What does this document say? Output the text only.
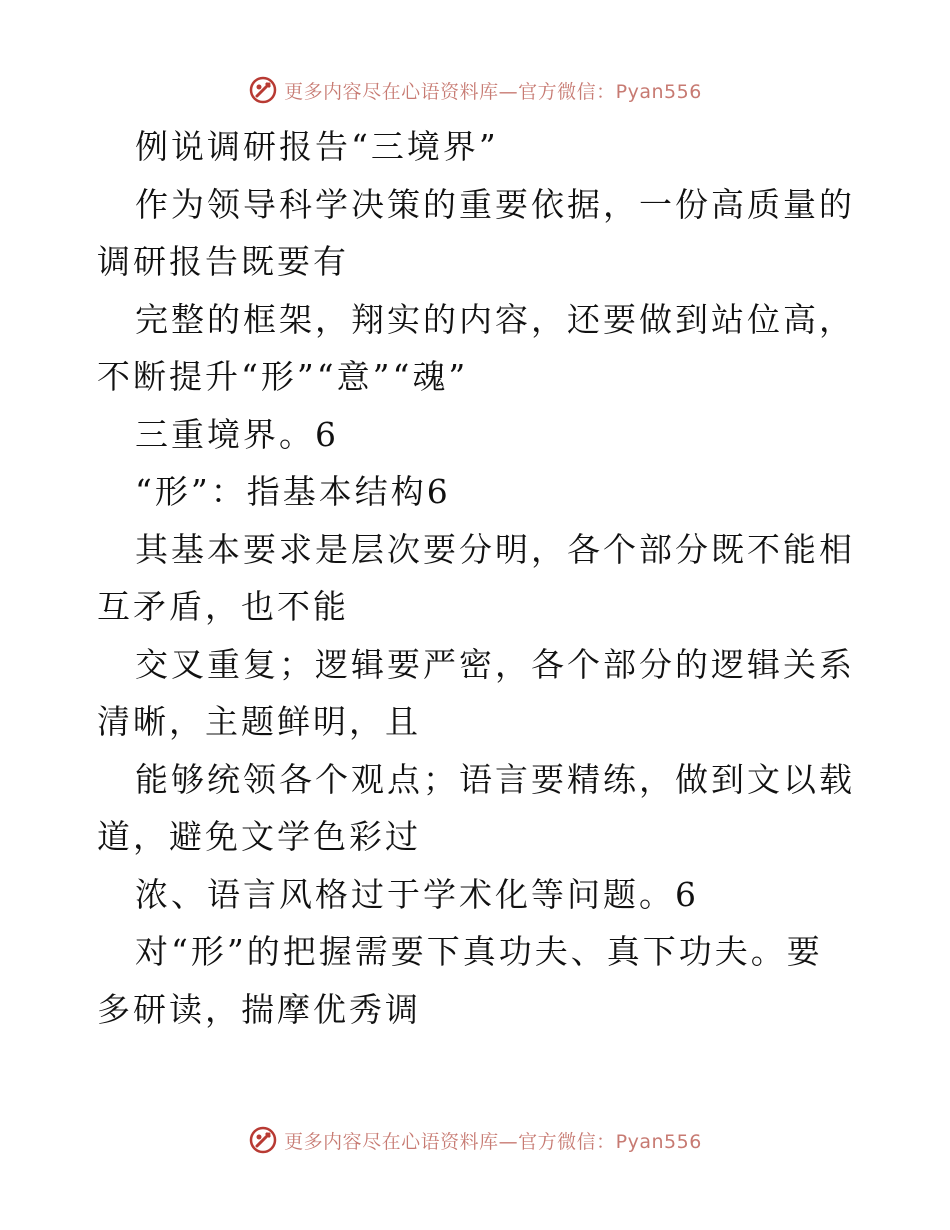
更多内容尽在心语资料库—官方微信：Pyan556

例说调研报告“三境界”

作为领导科学决策的重要依据，一份高质量的调研报告既要有

完整的框架，翔实的内容，还要做到站位高，不断提升“形”“意”“魂”

三重境界。6

“形”：指基本结构6

其基本要求是层次要分明，各个部分既不能相互矛盾，也不能

交叉重复；逻辑要严密，各个部分的逻辑关系清晰，主题鲜明，且

能够统领各个观点；语言要精练，做到文以载道，避免文学色彩过

浓、语言风格过于学术化等问题。6

对“形”的把握需要下真功夫、真下功夫。要多研读，揣摩优秀调

更多内容尽在心语资料库—官方微信：Pyan556
